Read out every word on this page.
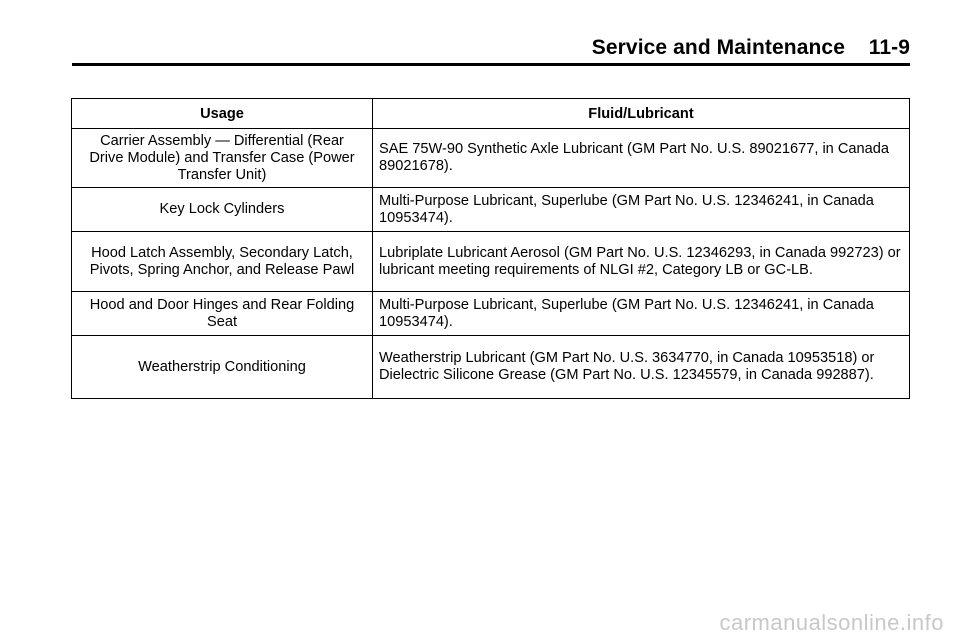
Service and Maintenance    11-9
Usage	Fluid/Lubricant
Carrier Assembly — Differential (Rear Drive Module) and Transfer Case (Power Transfer Unit)	SAE 75W-90 Synthetic Axle Lubricant (GM Part No. U.S. 89021677, in Canada 89021678).
Key Lock Cylinders	Multi-Purpose Lubricant, Superlube (GM Part No. U.S. 12346241, in Canada 10953474).
Hood Latch Assembly, Secondary Latch, Pivots, Spring Anchor, and Release Pawl	Lubriplate Lubricant Aerosol (GM Part No. U.S. 12346293, in Canada 992723) or lubricant meeting requirements of NLGI #2, Category LB or GC-LB.
Hood and Door Hinges and Rear Folding Seat	Multi-Purpose Lubricant, Superlube (GM Part No. U.S. 12346241, in Canada 10953474).
Weatherstrip Conditioning	Weatherstrip Lubricant (GM Part No. U.S. 3634770, in Canada 10953518) or Dielectric Silicone Grease (GM Part No. U.S. 12345579, in Canada 992887).
carmanualsonline.info
